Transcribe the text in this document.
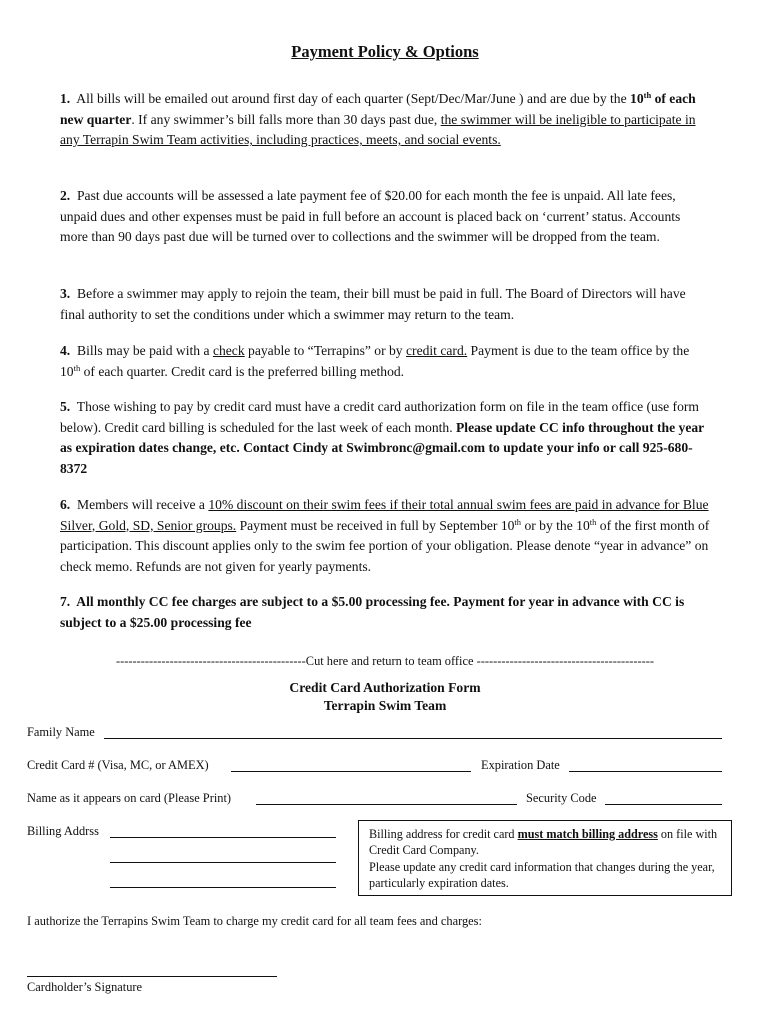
Payment Policy & Options
1. All bills will be emailed out around first day of each quarter (Sept/Dec/Mar/June ) and are due by the 10th of each new quarter. If any swimmer’s bill falls more than 30 days past due, the swimmer will be ineligible to participate in any Terrapin Swim Team activities, including practices, meets, and social events.
2. Past due accounts will be assessed a late payment fee of $20.00 for each month the fee is unpaid. All late fees, unpaid dues and other expenses must be paid in full before an account is placed back on ‘current’ status. Accounts more than 90 days past due will be turned over to collections and the swimmer will be dropped from the team.
3. Before a swimmer may apply to rejoin the team, their bill must be paid in full. The Board of Directors will have final authority to set the conditions under which a swimmer may return to the team.
4. Bills may be paid with a check payable to “Terrapins” or by credit card. Payment is due to the team office by the 10th of each quarter. Credit card is the preferred billing method.
5. Those wishing to pay by credit card must have a credit card authorization form on file in the team office (use form below). Credit card billing is scheduled for the last week of each month. Please update CC info throughout the year as expiration dates change, etc. Contact Cindy at Swimbronc@gmail.com to update your info or call 925-680-8372
6. Members will receive a 10% discount on their swim fees if their total annual swim fees are paid in advance for Blue Silver, Gold, SD, Senior groups. Payment must be received in full by September 10th or by the 10th of the first month of participation. This discount applies only to the swim fee portion of your obligation. Please denote “year in advance” on check memo. Refunds are not given for yearly payments.
7. All monthly CC fee charges are subject to a $5.00 processing fee. Payment for year in advance with CC is subject to a $25.00 processing fee
----------------------------------------------Cut here and return to team office -------------------------------------------
Credit Card Authorization Form
Terrapin Swim Team
Family Name
Credit Card # (Visa, MC, or AMEX)	Expiration Date
Name as it appears on card (Please Print)	Security Code
Billing Addrss	Billing address for credit card must match billing address on file with Credit Card Company.
Please update any credit card information that changes during the year, particularly expiration dates.
I authorize the Terrapins Swim Team to charge my credit card for all team fees and charges:
Cardholder’s Signature
